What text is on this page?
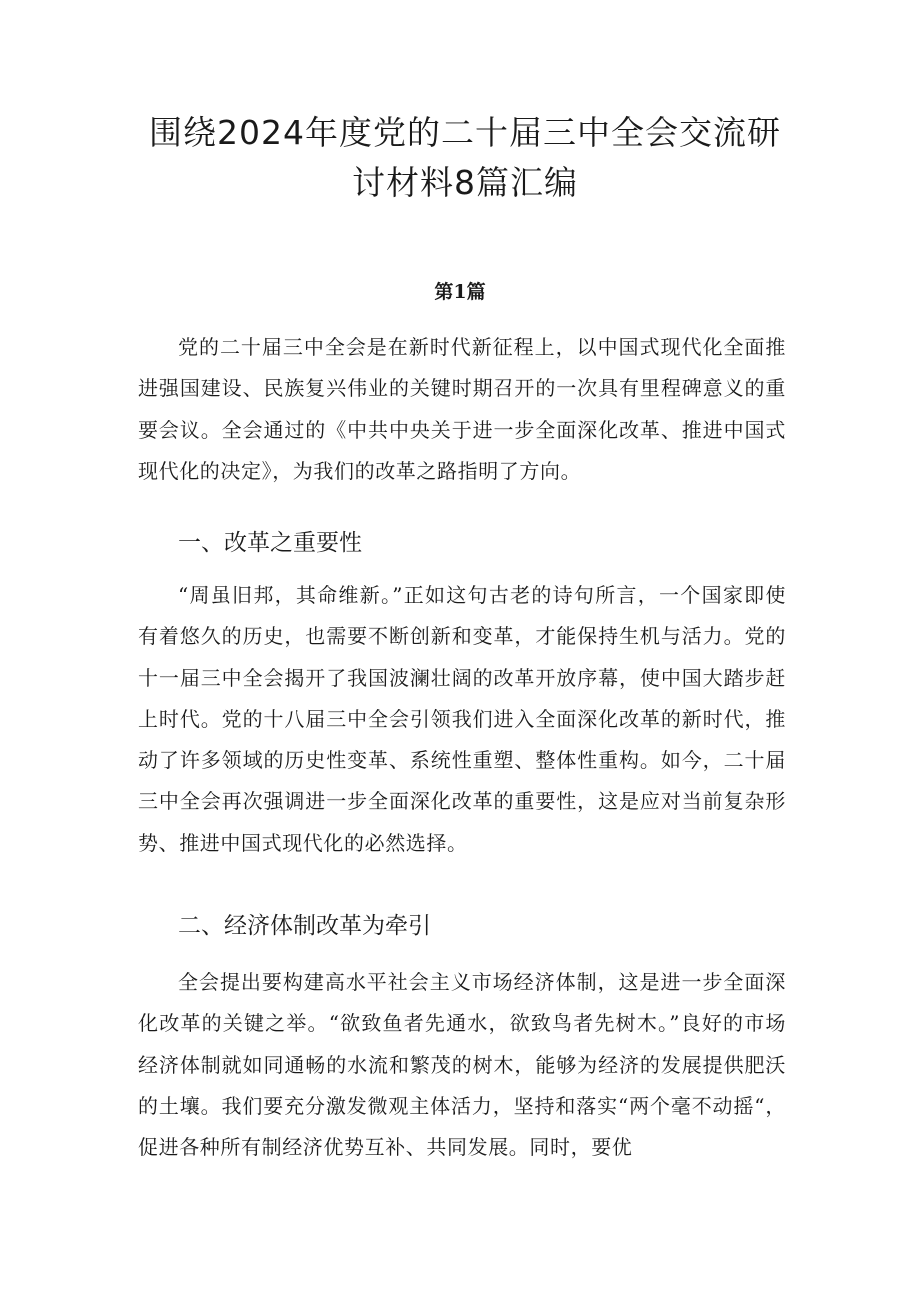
围绕2024年度党的二十届三中全会交流研
讨材料8篇汇编
第1篇

党的二十届三中全会是在新时代新征程上，以中国式现代化全面推进强国建设、民族复兴伟业的关键时期召开的一次具有里程碑意义的重要会议。全会通过的《中共中央关于进一步全面深化改革、推进中国式现代化的决定》，为我们的改革之路指明了方向。

一、改革之重要性

“周虽旧邦，其命维新。”正如这句古老的诗句所言，一个国家即使有着悠久的历史，也需要不断创新和变革，才能保持生机与活力。党的十一届三中全会揭开了我国波澜壮阔的改革开放序幕，使中国大踏步赶上时代。党的十八届三中全会引领我们进入全面深化改革的新时代，推动了许多领域的历史性变革、系统性重塑、整体性重构。如今，二十届三中全会再次强调进一步全面深化改革的重要性，这是应对当前复杂形势、推进中国式现代化的必然选择。

二、经济体制改革为牵引

全会提出要构建高水平社会主义市场经济体制，这是进一步全面深化改革的关键之举。“欲致鱼者先通水，欲致鸟者先树木。”良好的市场经济体制就如同通畅的水流和繁茂的树木，能够为经济的发展提供肥沃的土壤。我们要充分激发微观主体活力，坚持和落实“两个毫不动摇“，促进各种所有制经济优势互补、共同发展。同时，要优
